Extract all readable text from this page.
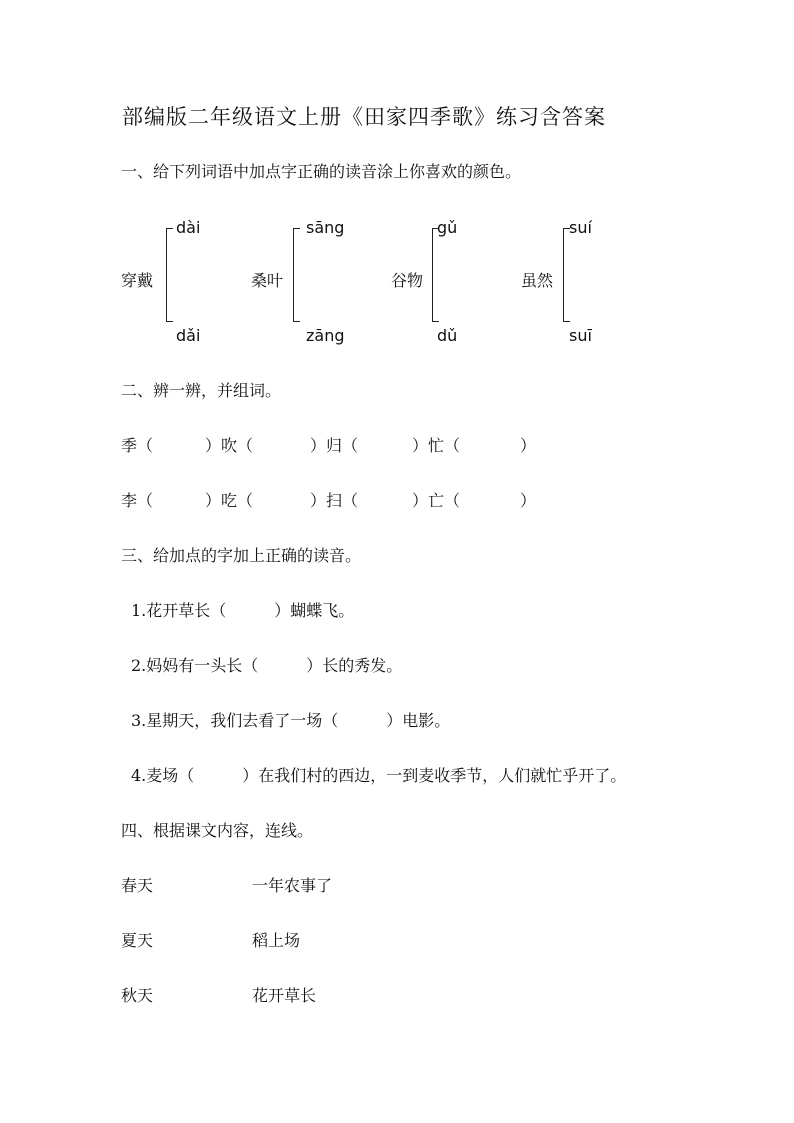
部编版二年级语文上册《田家四季歌》练习含答案
一、给下列词语中加点字正确的读音涂上你喜欢的颜色。
穿戴
dài
dǎi
桑叶
sāng
zāng
谷物
gǔ
dǔ
虽然
suí
suī
二、辨一辨，并组词。
季（	）吹（	）归（	）忙（	）
李（	）吃（	）扫（	）亡（	）
三、给加点的字加上正确的读音。
1.花开草长（　　　）蝴蝶飞。
2.妈妈有一头长（　　　）长的秀发。
3.星期天，我们去看了一场（　　　）电影。
4.麦场（　　　）在我们村的西边，一到麦收季节，人们就忙乎开了。
四、根据课文内容，连线。
春天	一年农事了
夏天	稻上场
秋天	花开草长
